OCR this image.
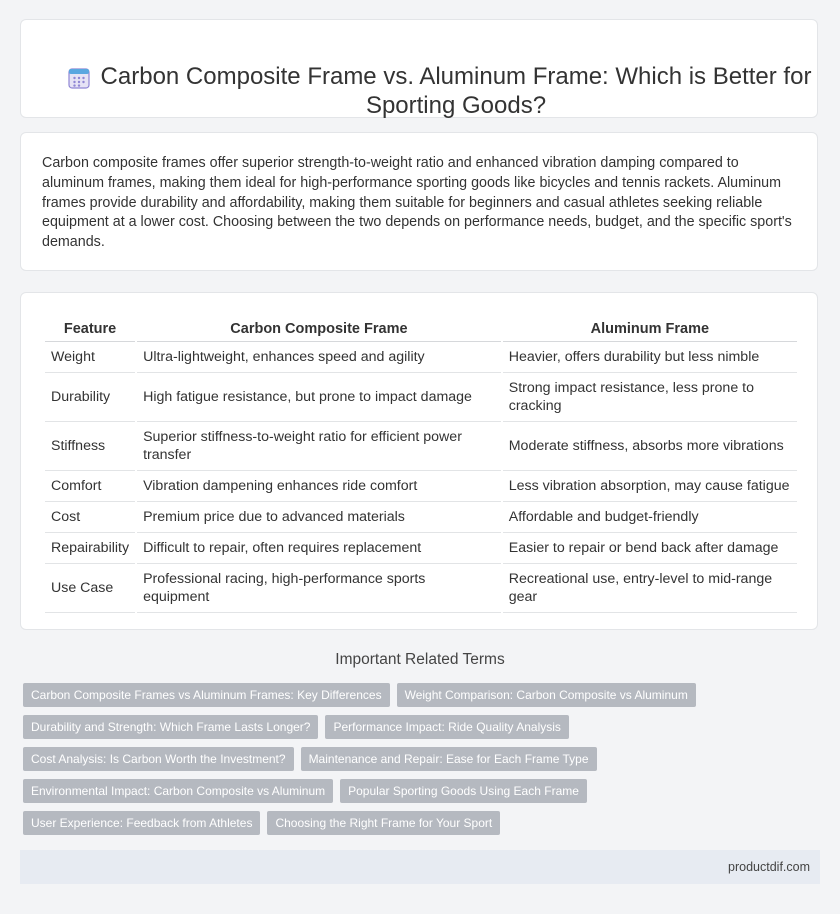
Carbon Composite Frame vs. Aluminum Frame: Which is Better for Sporting Goods?

Carbon composite frames offer superior strength-to-weight ratio and enhanced vibration damping compared to aluminum frames, making them ideal for high-performance sporting goods like bicycles and tennis rackets. Aluminum frames provide durability and affordability, making them suitable for beginners and casual athletes seeking reliable equipment at a lower cost. Choosing between the two depends on performance needs, budget, and the specific sport's demands.

Feature	Carbon Composite Frame	Aluminum Frame
Weight	Ultra-lightweight, enhances speed and agility	Heavier, offers durability but less nimble
Durability	High fatigue resistance, but prone to impact damage	Strong impact resistance, less prone to cracking
Stiffness	Superior stiffness-to-weight ratio for efficient power transfer	Moderate stiffness, absorbs more vibrations
Comfort	Vibration dampening enhances ride comfort	Less vibration absorption, may cause fatigue
Cost	Premium price due to advanced materials	Affordable and budget-friendly
Repairability	Difficult to repair, often requires replacement	Easier to repair or bend back after damage
Use Case	Professional racing, high-performance sports equipment	Recreational use, entry-level to mid-range gear
Important Related Terms
Carbon Composite Frames vs Aluminum Frames: Key Differences	Weight Comparison: Carbon Composite vs Aluminum
Durability and Strength: Which Frame Lasts Longer?	Performance Impact: Ride Quality Analysis
Cost Analysis: Is Carbon Worth the Investment?	Maintenance and Repair: Ease for Each Frame Type
Environmental Impact: Carbon Composite vs Aluminum	Popular Sporting Goods Using Each Frame
User Experience: Feedback from Athletes	Choosing the Right Frame for Your Sport
productdif.com
